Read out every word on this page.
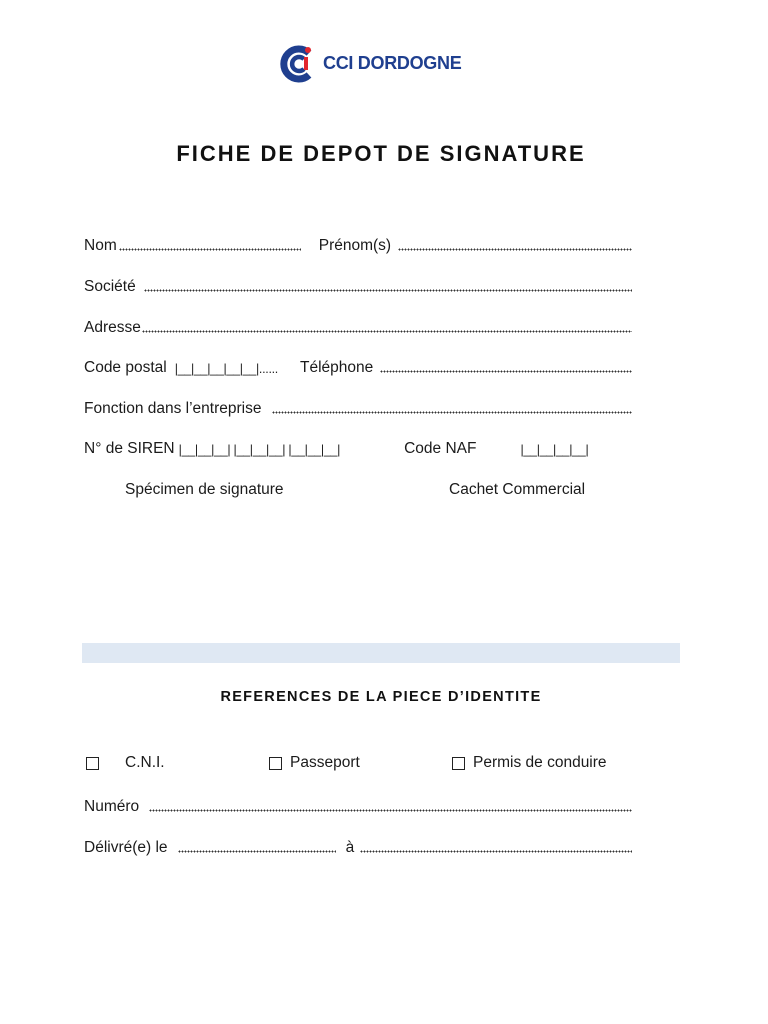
CCI DORDOGNE
FICHE DE DEPOT DE SIGNATURE
Nom	Prénom(s)
Société
Adresse
Code postal |__|__|__|__|__|...... Téléphone
Fonction dans l’entreprise
N° de SIREN |__|__|__| |__|__|__| |__|__|__|	Code NAF	|__|__|__|__|
Spécimen de signature	Cachet Commercial
REFERENCES DE LA PIECE D’IDENTITE
C.N.I.	Passeport	Permis de conduire
Numéro
Délivré(e) le	à
